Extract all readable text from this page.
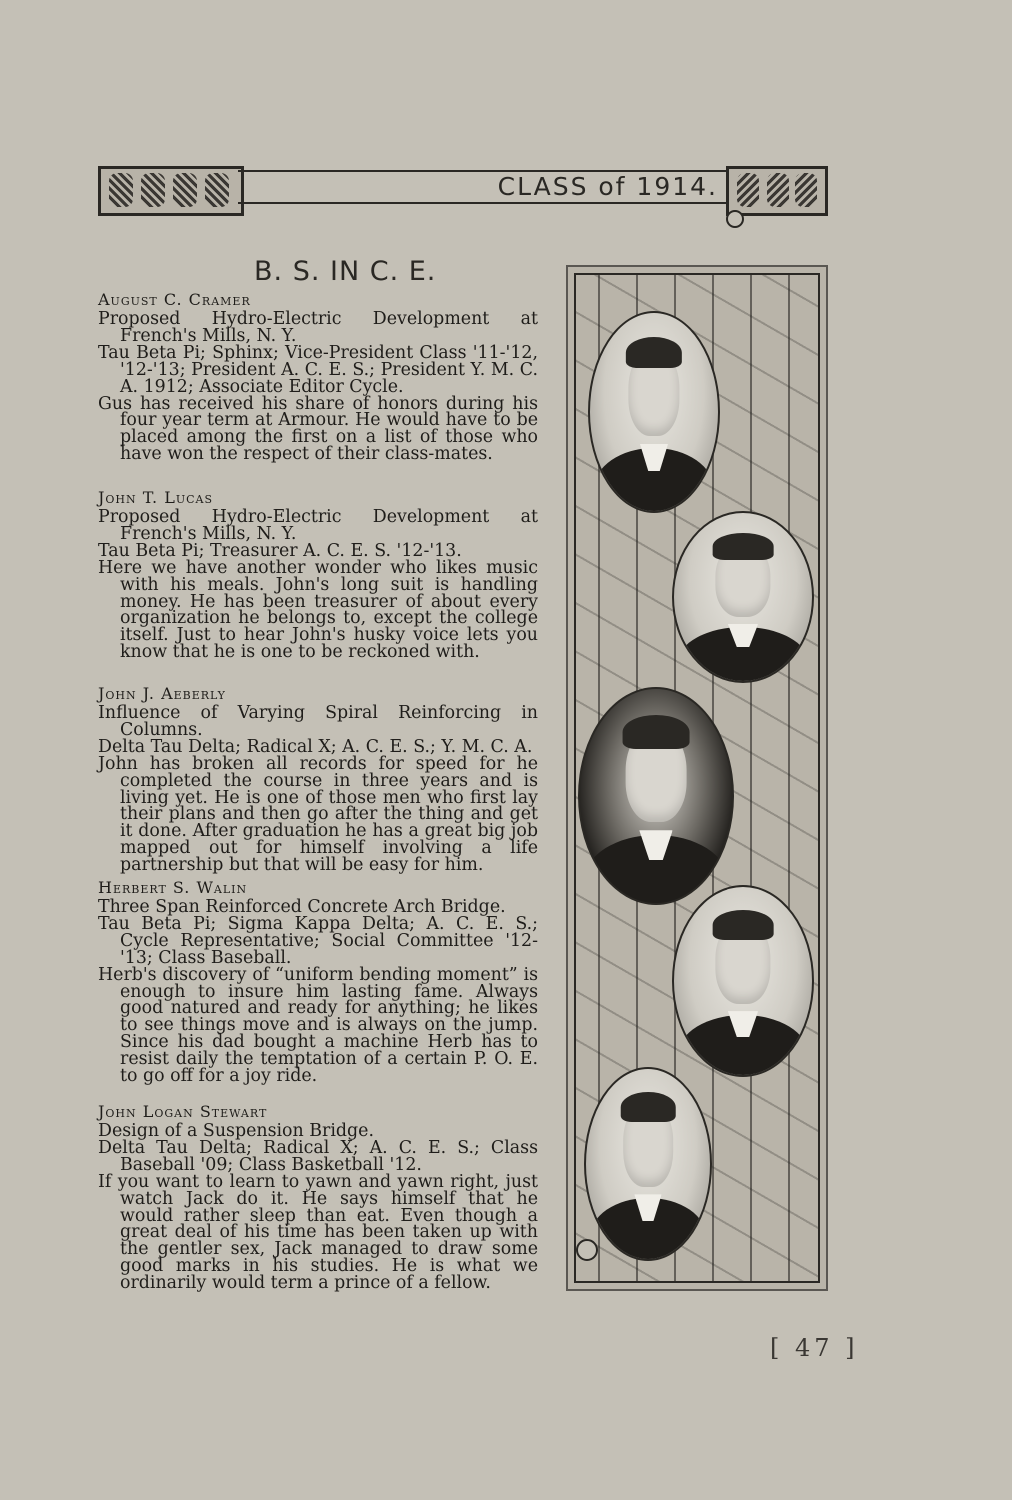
CLASS of 1914.
B. S. IN C. E.
August C. Cramer

Proposed Hydro-Electric Development at French's Mills, N. Y.

Tau Beta Pi; Sphinx; Vice-President Class '11-'12, '12-'13; President A. C. E. S.; President Y. M. C. A. 1912; Associate Editor Cycle.

Gus has received his share of honors during his four year term at Armour. He would have to be placed among the first on a list of those who have won the respect of their class-mates.

John T. Lucas

Proposed Hydro-Electric Development at French's Mills, N. Y.

Tau Beta Pi; Treasurer A. C. E. S. '12-'13.

Here we have another wonder who likes music with his meals. John's long suit is handling money. He has been treasurer of about every organization he belongs to, except the college itself. Just to hear John's husky voice lets you know that he is one to be reckoned with.

John J. Aeberly

Influence of Varying Spiral Reinforcing in Columns.

Delta Tau Delta; Radical X; A. C. E. S.; Y. M. C. A.

John has broken all records for speed for he completed the course in three years and is living yet. He is one of those men who first lay their plans and then go after the thing and get it done. After graduation he has a great big job mapped out for himself involving a life partnership but that will be easy for him.

Herbert S. Walin

Three Span Reinforced Concrete Arch Bridge.

Tau Beta Pi; Sigma Kappa Delta; A. C. E. S.; Cycle Representative; Social Committee '12-'13; Class Baseball.

Herb's discovery of “uniform bending moment” is enough to insure him lasting fame. Always good natured and ready for anything; he likes to see things move and is always on the jump. Since his dad bought a machine Herb has to resist daily the temptation of a certain P. O. E. to go off for a joy ride.

John Logan Stewart

Design of a Suspension Bridge.

Delta Tau Delta; Radical X; A. C. E. S.; Class Baseball '09; Class Basketball '12.

If you want to learn to yawn and yawn right, just watch Jack do it. He says himself that he would rather sleep than eat. Even though a great deal of his time has been taken up with the gentler sex, Jack managed to draw some good marks in his studies. He is what we ordinarily would term a prince of a fellow.

[ 47 ]
